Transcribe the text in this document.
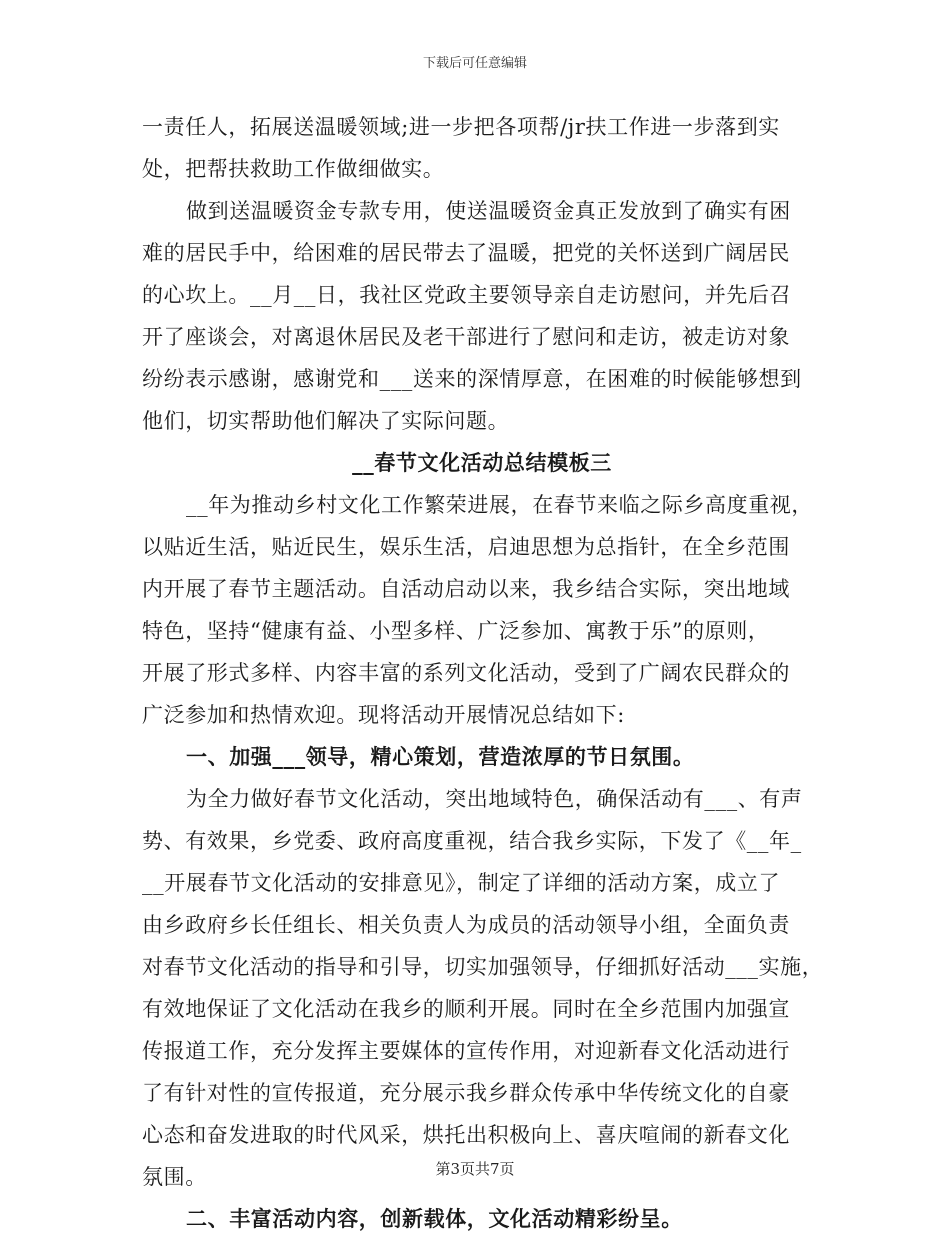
下载后可任意编辑
一责任人，拓展送温暖领域;进一步把各项帮/jr扶工作进一步落到实
处，把帮扶救助工作做细做实。
做到送温暖资金专款专用，使送温暖资金真正发放到了确实有困
难的居民手中，给困难的居民带去了温暖，把党的关怀送到广阔居民
的心坎上。__月__日，我社区党政主要领导亲自走访慰问，并先后召
开了座谈会，对离退休居民及老干部进行了慰问和走访，被走访对象
纷纷表示感谢，感谢党和___送来的深情厚意，在困难的时候能够想到
他们，切实帮助他们解决了实际问题。
__春节文化活动总结模板三
__年为推动乡村文化工作繁荣进展，在春节来临之际乡高度重视，
以贴近生活，贴近民生，娱乐生活，启迪思想为总指针，在全乡范围
内开展了春节主题活动。自活动启动以来，我乡结合实际，突出地域
特色，坚持“健康有益、小型多样、广泛参加、寓教于乐”的原则，
开展了形式多样、内容丰富的系列文化活动，受到了广阔农民群众的
广泛参加和热情欢迎。现将活动开展情况总结如下:
一、加强___领导，精心策划，营造浓厚的节日氛围。
为全力做好春节文化活动，突出地域特色，确保活动有___、有声
势、有效果，乡党委、政府高度重视，结合我乡实际，下发了《__年_
__开展春节文化活动的安排意见》，制定了详细的活动方案，成立了
由乡政府乡长任组长、相关负责人为成员的活动领导小组，全面负责
对春节文化活动的指导和引导，切实加强领导，仔细抓好活动___实施，
有效地保证了文化活动在我乡的顺利开展。同时在全乡范围内加强宣
传报道工作，充分发挥主要媒体的宣传作用，对迎新春文化活动进行
了有针对性的宣传报道，充分展示我乡群众传承中华传统文化的自豪
心态和奋发进取的时代风采，烘托出积极向上、喜庆喧闹的新春文化
氛围。
二、丰富活动内容，创新载体，文化活动精彩纷呈。
第3页共7页
